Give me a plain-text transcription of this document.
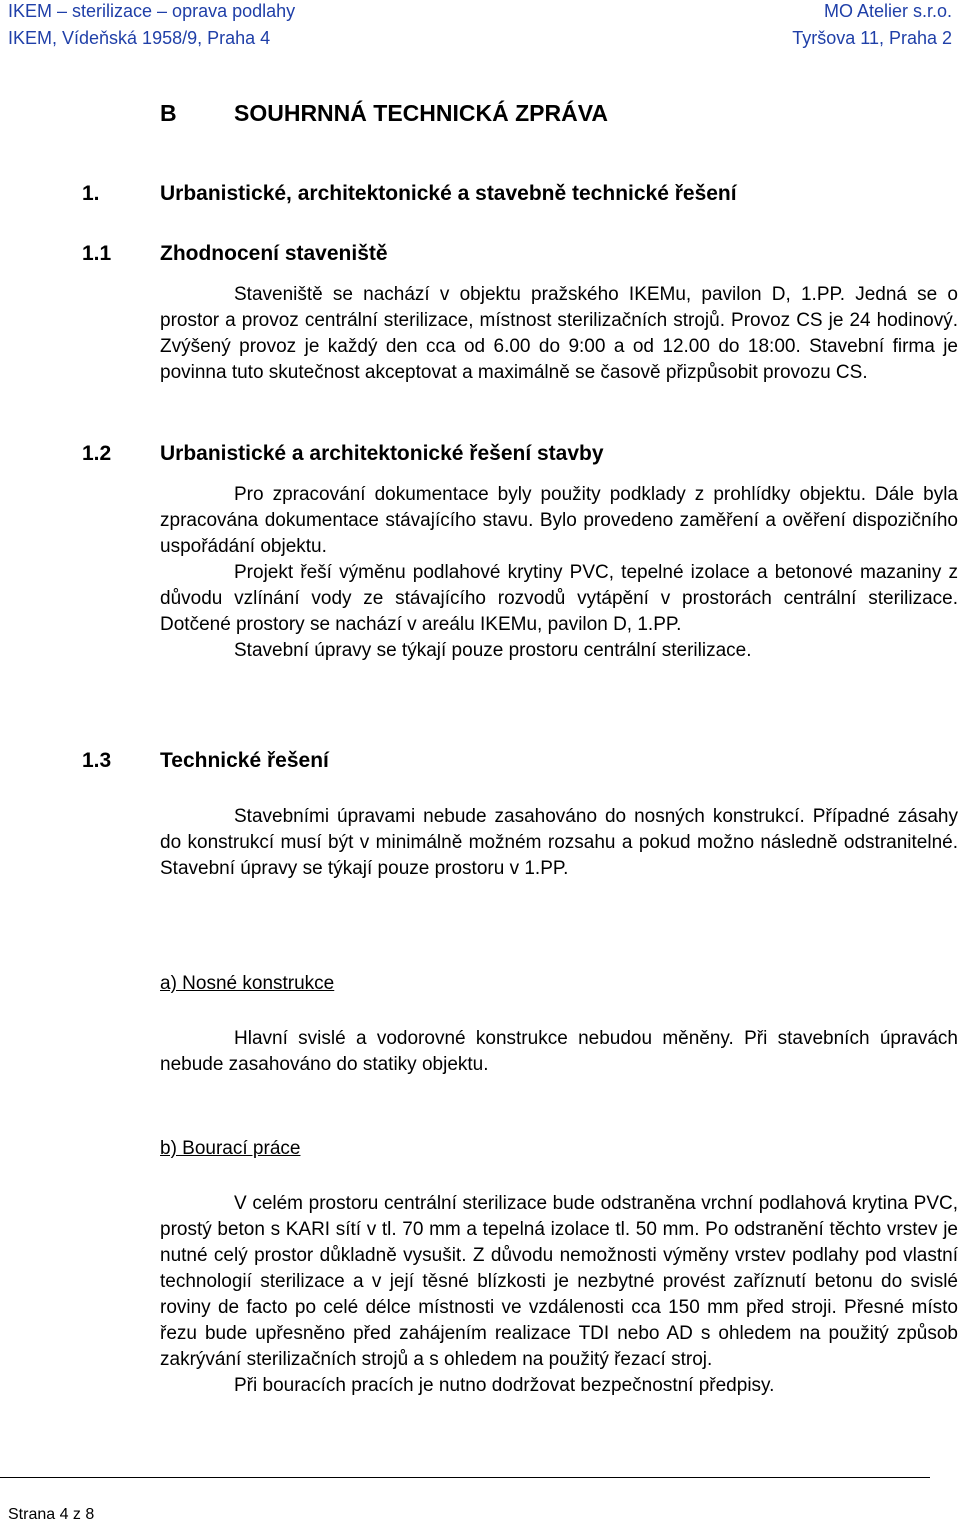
IKEM – sterilizace – oprava podlahy	MO Atelier s.r.o.
IKEM, Vídeňská 1958/9, Praha 4	Tyršova 11, Praha 2
B SOUHRNNÁ TECHNICKÁ ZPRÁVA
1.	Urbanistické, architektonické a stavebně technické řešení
1.1 Zhodnocení staveniště

Staveniště se nachází v objektu pražského IKEMu, pavilon D, 1.PP. Jedná se o prostor a provoz centrální sterilizace, místnost sterilizačních strojů. Provoz CS je 24 hodinový. Zvýšený provoz je každý den cca od 6.00 do 9:00 a od 12.00 do 18:00. Stavební firma je povinna tuto skutečnost akceptovat a maximálně se časově přizpůsobit provozu CS.

1.2 Urbanistické a architektonické řešení stavby

Pro zpracování dokumentace byly použity podklady z prohlídky objektu. Dále byla zpracována dokumentace stávajícího stavu. Bylo provedeno zaměření a ověření dispozičního uspořádání objektu.

Projekt řeší výměnu podlahové krytiny PVC, tepelné izolace a betonové mazaniny z důvodu vzlínání vody ze stávajícího rozvodů vytápění v prostorách centrální sterilizace. Dotčené prostory se nachází v areálu IKEMu, pavilon D, 1.PP.

Stavební úpravy se týkají pouze prostoru centrální sterilizace.

1.3 Technické řešení

Stavebními úpravami nebude zasahováno do nosných konstrukcí. Případné zásahy do konstrukcí musí být v minimálně možném rozsahu a pokud možno následně odstranitelné. Stavební úpravy se týkají pouze prostoru v 1.PP.

a) Nosné konstrukce

Hlavní svislé a vodorovné konstrukce nebudou měněny. Při stavebních úpravách nebude zasahováno do statiky objektu.

b) Bourací práce

V celém prostoru centrální sterilizace bude odstraněna vrchní podlahová krytina PVC, prostý beton s KARI sítí v tl. 70 mm a tepelná izolace tl. 50 mm. Po odstranění těchto vrstev je nutné celý prostor důkladně vysušit. Z důvodu nemožnosti výměny vrstev podlahy pod vlastní technologií sterilizace a v její těsné blízkosti je nezbytné provést zaříznutí betonu do svislé roviny de facto po celé délce místnosti ve vzdálenosti cca 150 mm před stroji. Přesné místo řezu bude upřesněno před zahájením realizace TDI nebo AD s ohledem na použitý způsob zakrývání sterilizačních strojů a s ohledem na použitý řezací stroj.

Při bouracích pracích je nutno dodržovat bezpečnostní předpisy.

Strana 4 z 8
